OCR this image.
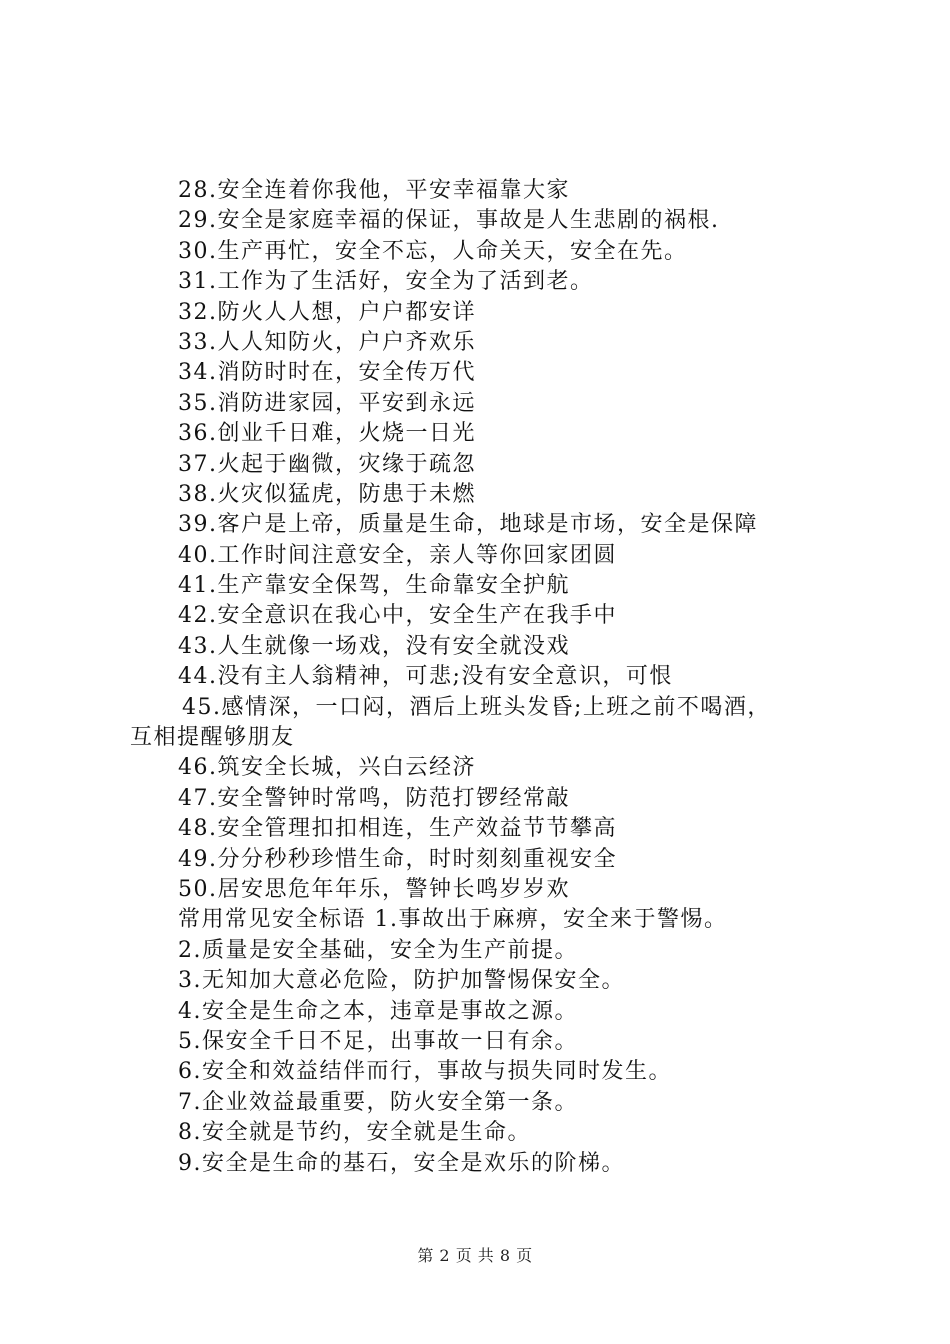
28.安全连着你我他，平安幸福靠大家
29.安全是家庭幸福的保证，事故是人生悲剧的祸根.
30.生产再忙，安全不忘，人命关天，安全在先。
31.工作为了生活好，安全为了活到老。
32.防火人人想，户户都安详
33.人人知防火，户户齐欢乐
34.消防时时在，安全传万代
35.消防进家园，平安到永远
36.创业千日难，火烧一日光
37.火起于幽微，灾缘于疏忽
38.火灾似猛虎，防患于未燃
39.客户是上帝，质量是生命，地球是市场，安全是保障
40.工作时间注意安全，亲人等你回家团圆
41.生产靠安全保驾，生命靠安全护航
42.安全意识在我心中，安全生产在我手中
43.人生就像一场戏，没有安全就没戏
44.没有主人翁精神，可悲;没有安全意识，可恨
45.感情深，一口闷，酒后上班头发昏;上班之前不喝酒，
互相提醒够朋友
46.筑安全长城，兴白云经济
47.安全警钟时常鸣，防范打锣经常敲
48.安全管理扣扣相连，生产效益节节攀高
49.分分秒秒珍惜生命，时时刻刻重视安全
50.居安思危年年乐，警钟长鸣岁岁欢
常用常见安全标语 1.事故出于麻痹，安全来于警惕。
2.质量是安全基础，安全为生产前提。
3.无知加大意必危险，防护加警惕保安全。
4.安全是生命之本，违章是事故之源。
5.保安全千日不足，出事故一日有余。
6.安全和效益结伴而行，事故与损失同时发生。
7.企业效益最重要，防火安全第一条。
8.安全就是节约，安全就是生命。
9.安全是生命的基石，安全是欢乐的阶梯。
第 2 页 共 8 页
